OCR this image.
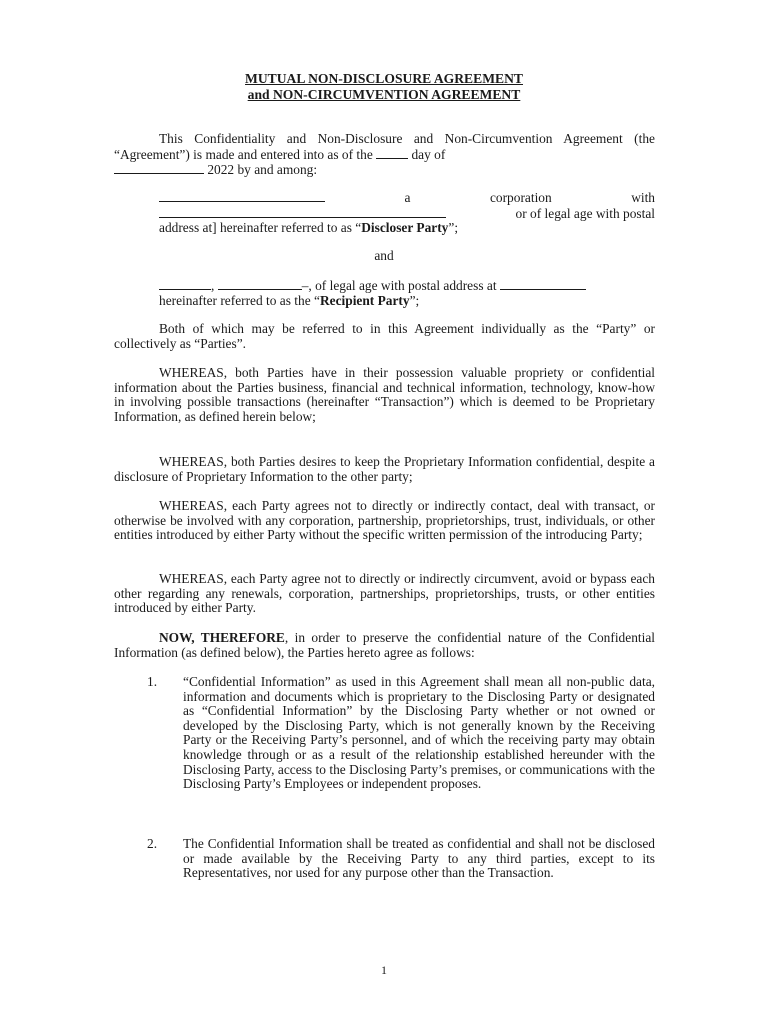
MUTUAL NON-DISCLOSURE AGREEMENT
and NON-CIRCUMVENTION AGREEMENT
This Confidentiality and Non-Disclosure and Non-Circumvention Agreement (the “Agreement”) is made and entered into as of the  day of
2022 by and among:
a	corporation	with
or of legal age with postal
address at] hereinafter referred to as “Discloser Party”;
and
,	–, of legal age with postal address at
hereinafter referred to as the “Recipient Party”;
Both of which may be referred to in this Agreement individually as the “Party” or collectively as “Parties”.
WHEREAS, both Parties have in their possession valuable propriety or confidential information about the Parties business, financial and technical information, technology, know-how in involving possible transactions (hereinafter “Transaction”) which is deemed to be Proprietary Information, as defined herein below;
WHEREAS, both Parties desires to keep the Proprietary Information confidential, despite a disclosure of Proprietary Information to the other party;
WHEREAS, each Party agrees not to directly or indirectly contact, deal with transact, or otherwise be involved with any corporation, partnership, proprietorships, trust, individuals, or other entities introduced by either Party without the specific written permission of the introducing Party;
WHEREAS, each Party agree not to directly or indirectly circumvent, avoid or bypass each other regarding any renewals, corporation, partnerships, proprietorships, trusts, or other entities introduced by either Party.
NOW, THEREFORE, in order to preserve the confidential nature of the Confidential Information (as defined below), the Parties hereto agree as follows:
1. “Confidential Information” as used in this Agreement shall mean all non-public data, information and documents which is proprietary to the Disclosing Party or designated as “Confidential Information” by the Disclosing Party whether or not owned or developed by the Disclosing Party, which is not generally known by the Receiving Party or the Receiving Party’s personnel, and of which the receiving party may obtain knowledge through or as a result of the relationship established hereunder with the Disclosing Party, access to the Disclosing Party’s premises, or communications with the Disclosing Party’s Employees or independent proposes.
2. The Confidential Information shall be treated as confidential and shall not be disclosed or made available by the Receiving Party to any third parties, except to its Representatives, nor used for any purpose other than the Transaction.
1
